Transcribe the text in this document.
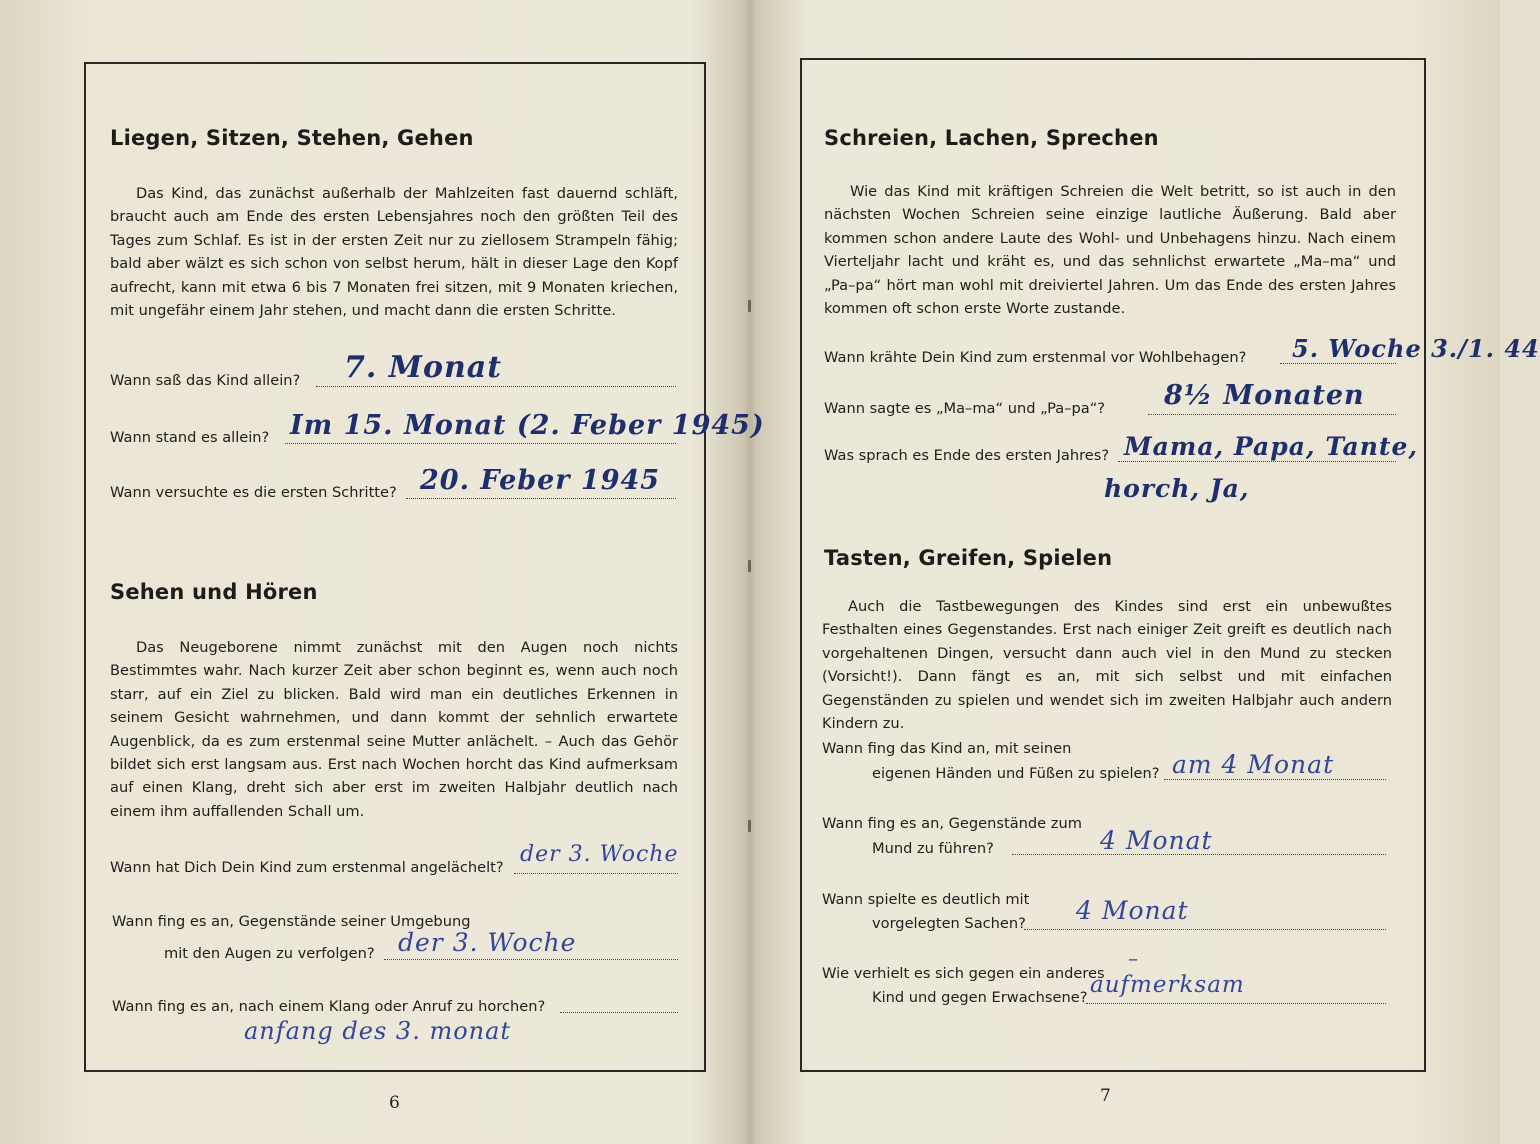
Liegen, Sitzen, Stehen, Gehen

Das Kind, das zunächst außerhalb der Mahlzeiten fast dauernd schläft, braucht auch am Ende des ersten Lebensjahres noch den größten Teil des Tages zum Schlaf. Es ist in der ersten Zeit nur zu ziellosem Strampeln fähig; bald aber wälzt es sich schon von selbst herum, hält in dieser Lage den Kopf aufrecht, kann mit etwa 6 bis 7 Monaten frei sitzen, mit 9 Monaten kriechen, mit ungefähr einem Jahr stehen, und macht dann die ersten Schritte.

Wann saß das Kind allein? 7. Monat
Wann stand es allein? Im 15. Monat (2. Feber 1945)
Wann versuchte es die ersten Schritte? 20. Feber 1945
Sehen und Hören

Das Neugeborene nimmt zunächst mit den Augen noch nichts Bestimmtes wahr. Nach kurzer Zeit aber schon beginnt es, wenn auch noch starr, auf ein Ziel zu blicken. Bald wird man ein deutliches Erkennen in seinem Gesicht wahrnehmen, und dann kommt der sehnlich erwartete Augenblick, da es zum erstenmal seine Mutter anlächelt. – Auch das Gehör bildet sich erst langsam aus. Erst nach Wochen horcht das Kind aufmerksam auf einen Klang, dreht sich aber erst im zweiten Halbjahr deutlich nach einem ihm auffallenden Schall um.

Wann hat Dich Dein Kind zum erstenmal angelächelt?
der 3. Woche
Wann fing es an, Gegenstände seiner Umgebung
mit den Augen zu verfolgen? der 3. Woche
Wann fing es an, nach einem Klang oder Anruf zu horchen?
anfang des 3. monat
6
Schreien, Lachen, Sprechen

Wie das Kind mit kräftigen Schreien die Welt betritt, so ist auch in den nächsten Wochen Schreien seine einzige lautliche Äußerung. Bald aber kommen schon andere Laute des Wohl- und Unbehagens hinzu. Nach einem Vierteljahr lacht und kräht es, und das sehnlichst erwartete „Ma–ma“ und „Pa–pa“ hört man wohl mit dreiviertel Jahren. Um das Ende des ersten Jahres kommen oft schon erste Worte zustande.

Wann krähte Dein Kind zum erstenmal vor Wohlbehagen? 5. Woche 3./1. 44
Wann sagte es „Ma–ma“ und „Pa–pa“? 8½ Monaten
Was sprach es Ende des ersten Jahres? Mama, Papa, Tante,
horch, Ja,
Tasten, Greifen, Spielen

Auch die Tastbewegungen des Kindes sind erst ein unbewußtes Festhalten eines Gegenstandes. Erst nach einiger Zeit greift es deutlich nach vorgehaltenen Dingen, versucht dann auch viel in den Mund zu stecken (Vorsicht!). Dann fängt es an, mit sich selbst und mit einfachen Gegenständen zu spielen und wendet sich im zweiten Halbjahr auch andern Kindern zu.

Wann fing das Kind an, mit seinen
eigenen Händen und Füßen zu spielen? am 4 Monat
Wann fing es an, Gegenstände zum
Mund zu führen?	4 Monat
Wann spielte es deutlich mit
vorgelegten Sachen? 4 Monat
Wie verhielt es sich gegen ein anderes
–
Kind und gegen Erwachsene? aufmerksam
7
